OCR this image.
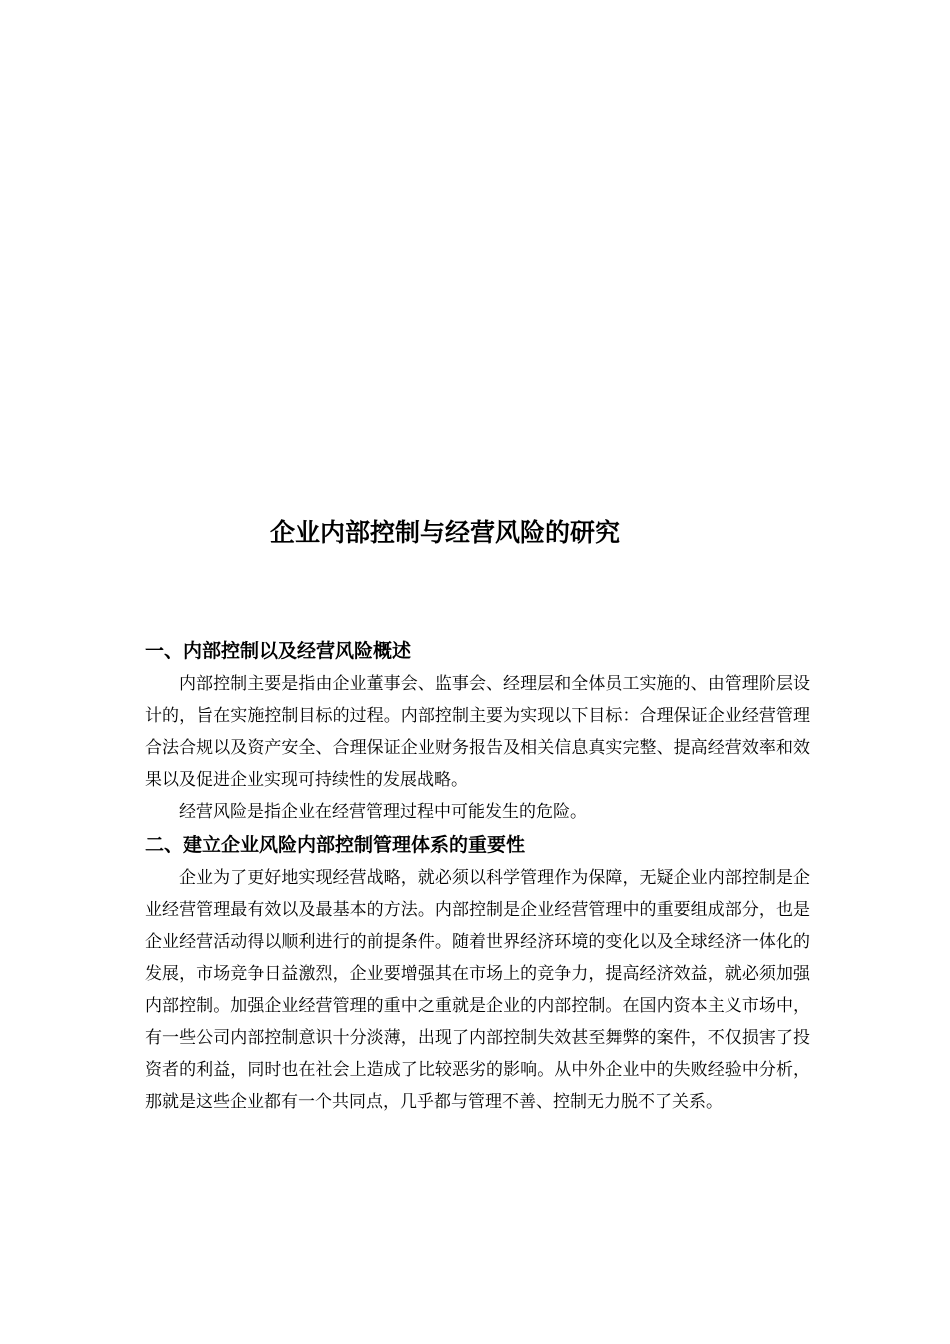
企业内部控制与经营风险的研究
一、内部控制以及经营风险概述

内部控制主要是指由企业董事会、监事会、经理层和全体员工实施的、由管理阶层设计的，旨在实施控制目标的过程。内部控制主要为实现以下目标：合理保证企业经营管理合法合规以及资产安全、合理保证企业财务报告及相关信息真实完整、提高经营效率和效果以及促进企业实现可持续性的发展战略。

经营风险是指企业在经营管理过程中可能发生的危险。

二、建立企业风险内部控制管理体系的重要性

企业为了更好地实现经营战略，就必须以科学管理作为保障，无疑企业内部控制是企业经营管理最有效以及最基本的方法。内部控制是企业经营管理中的重要组成部分，也是企业经营活动得以顺利进行的前提条件。随着世界经济环境的变化以及全球经济一体化的发展，市场竞争日益激烈，企业要增强其在市场上的竞争力，提高经济效益，就必须加强内部控制。加强企业经营管理的重中之重就是企业的内部控制。在国内资本主义市场中，有一些公司内部控制意识十分淡薄，出现了内部控制失效甚至舞弊的案件，不仅损害了投资者的利益，同时也在社会上造成了比较恶劣的影响。从中外企业中的失败经验中分析，那就是这些企业都有一个共同点，几乎都与管理不善、控制无力脱不了关系。
